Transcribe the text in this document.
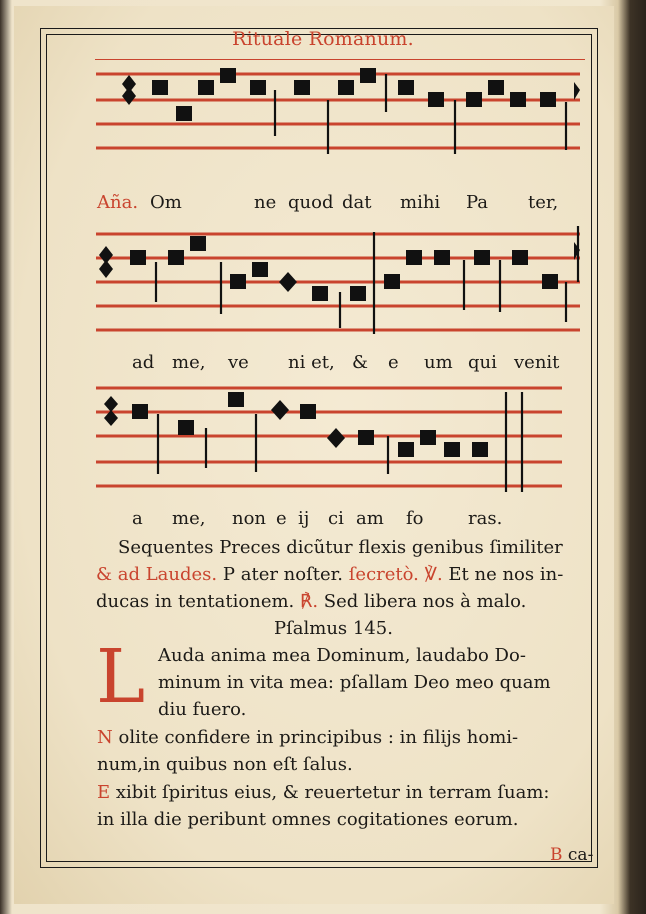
Rituale Romanum.
Aña. Om	ne quod dat mihi Pa ter,
ad me, ve ni et, & e um qui venit
a me, non e ij ci am fo ras.
Sequentes Preces dicũtur flexis genibus ſimiliter
& ad Laudes. P ater noſter. ſecretò. ℣. Et ne nos in-
ducas in tentationem. ℟. Sed libera nos à malo.
Pſalmus 145.
L Auda anima mea Dominum, laudabo Do-
minum in vita mea: pſallam Deo meo quam
diu fuero.
N olite confidere in principibus : in filijs homi-
num,in quibus non eſt ſalus.
E xibit ſpiritus eius, & reuertetur in terram ſuam:
in illa die peribunt omnes cogitationes eorum.
B ca-
